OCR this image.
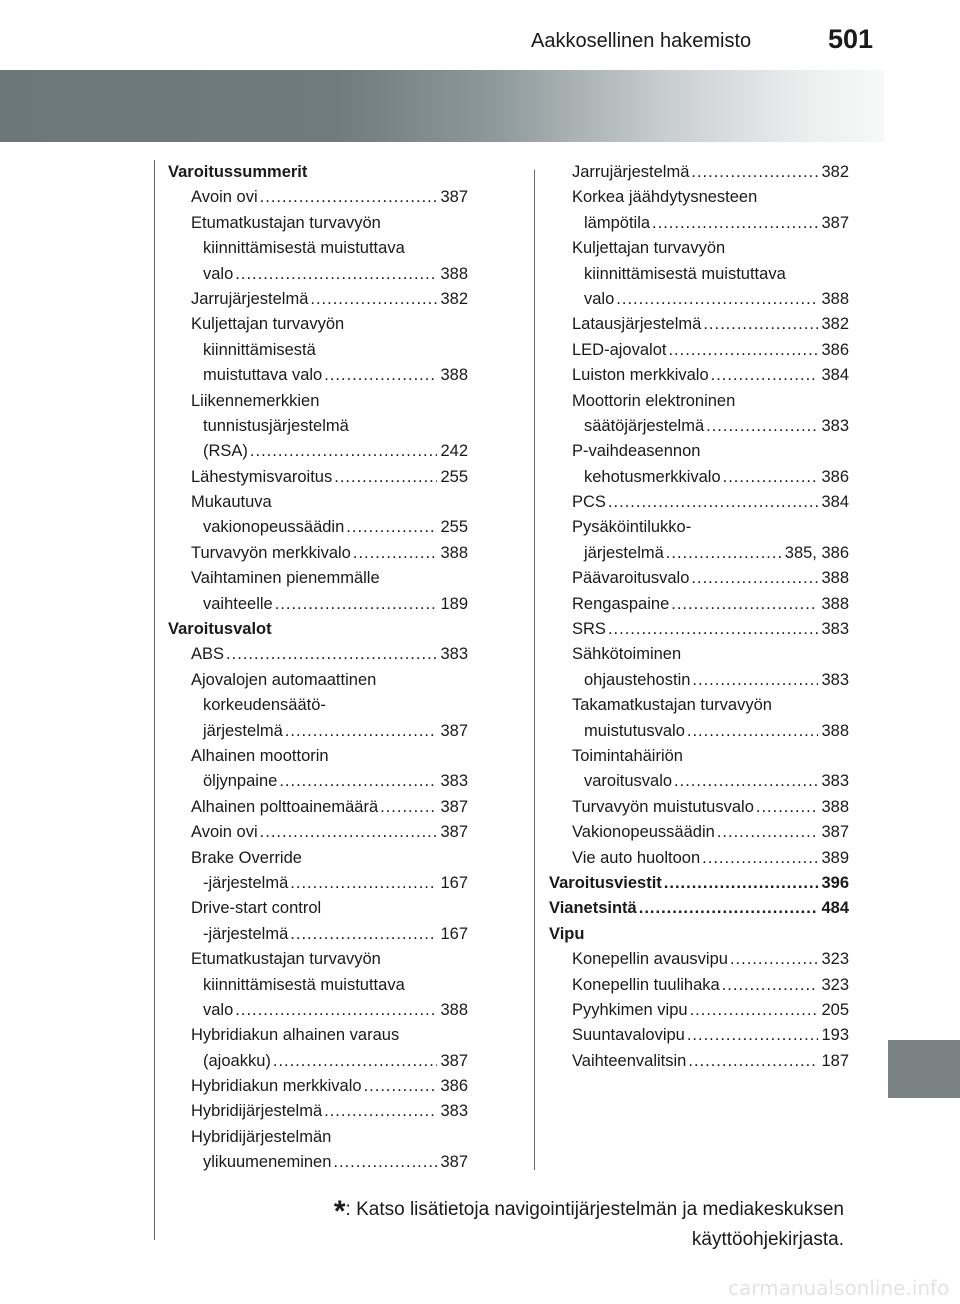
Aakkosellinen hakemisto	501
Varoitussummerit
Avoin ovi .....	387
Etumatkustajan turvavyön
kiinnittämisestä muistuttava
valo .....	388
Jarrujärjestelmä .....	382
Kuljettajan turvavyön
kiinnittämisestä
muistuttava valo .....	388
Liikennemerkkien
tunnistusjärjestelmä
(RSA) .....	242
Lähestymisvaroitus .....	255
Mukautuva
vakionopeussäädin .....	255
Turvavyön merkkivalo .....	388
Vaihtaminen pienemmälle
vaihteelle .....	189
Varoitusvalot
ABS .....	383
Ajovalojen automaattinen
korkeudensäätö-
järjestelmä .....	387
Alhainen moottorin
öljynpaine .....	383
Alhainen polttoainemäärä .....	387
Avoin ovi .....	387
Brake Override
-järjestelmä .....	167
Drive-start control
-järjestelmä .....	167
Etumatkustajan turvavyön
kiinnittämisestä muistuttava
valo .....	388
Hybridiakun alhainen varaus
(ajoakku) .....	387
Hybridiakun merkkivalo .....	386
Hybridijärjestelmä .....	383
Hybridijärjestelmän
ylikuumeneminen .....	387
Jarrujärjestelmä .....	382
Korkea jäähdytysnesteen
lämpötila .....	387
Kuljettajan turvavyön
kiinnittämisestä muistuttava
valo .....	388
Latausjärjestelmä .....	382
LED-ajovalot .....	386
Luiston merkkivalo .....	384
Moottorin elektroninen
säätöjärjestelmä .....	383
P-vaihdeasennon
kehotusmerkkivalo .....	386
PCS .....	384
Pysäköintilukko-
järjestelmä .....	385, 386
Päävaroitusvalo .....	388
Rengaspaine .....	388
SRS .....	383
Sähkötoiminen
ohjaustehostin .....	383
Takamatkustajan turvavyön
muistutusvalo .....	388
Toimintahäiriön
varoitusvalo .....	383
Turvavyön muistutusvalo .....	388
Vakionopeussäädin .....	387
Vie auto huoltoon .....	389
Varoitusviestit .....	396
Vianetsintä .....	484
Vipu
Konepellin avausvipu .....	323
Konepellin tuulihaka .....	323
Pyyhkimen vipu .....	205
Suuntavalovipu .....	193
Vaihteenvalitsin .....	187
*: Katso lisätietoja navigointijärjestelmän ja mediakeskuksen
käyttöohjekirjasta.
carmanualsonline.info
